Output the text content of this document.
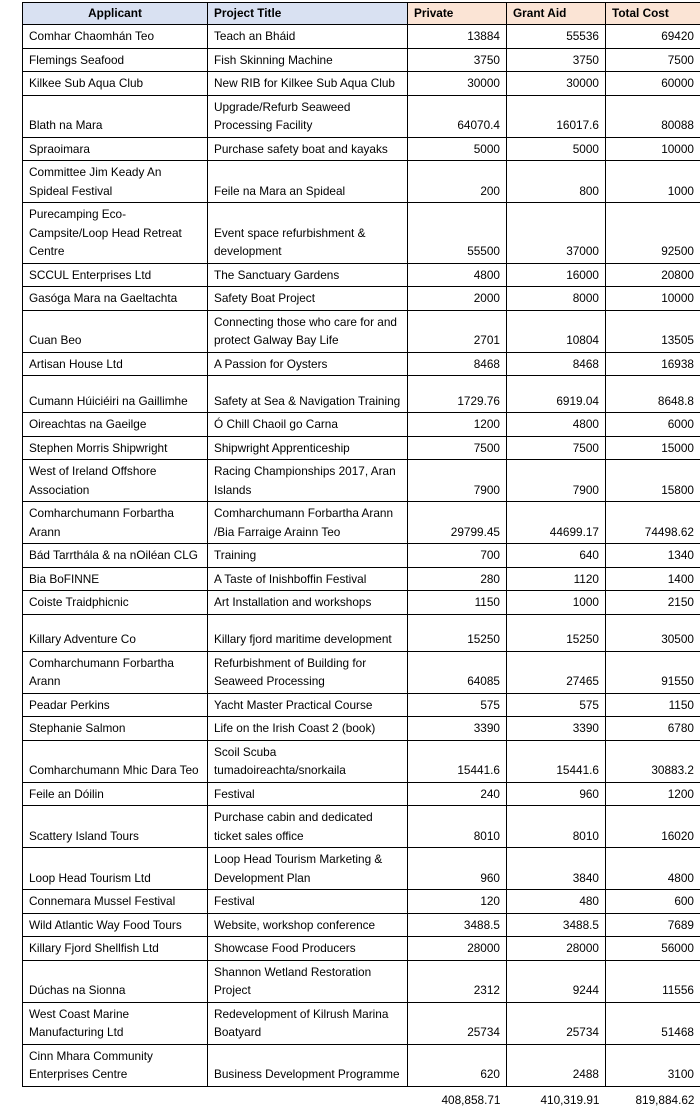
Applicant	Project Title	Private	Grant Aid	Total Cost
Comhar Chaomhán Teo	Teach an Bháid	13884	55536	69420
Flemings Seafood	Fish Skinning Machine	3750	3750	7500
Kilkee Sub Aqua Club	New RIB for Kilkee Sub Aqua Club	30000	30000	60000
Blath na Mara	Upgrade/Refurb Seaweed Processing Facility	64070.4	16017.6	80088
Spraoimara	Purchase safety boat and kayaks	5000	5000	10000
Committee Jim Keady An Spideal Festival	Feile na Mara an Spideal	200	800	1000
Purecamping Eco-Campsite/Loop Head Retreat Centre	Event space refurbishment & development	55500	37000	92500
SCCUL Enterprises Ltd	The Sanctuary Gardens	4800	16000	20800
Gasóga Mara na Gaeltachta	Safety Boat Project	2000	8000	10000
Cuan Beo	Connecting those who care for and protect Galway Bay Life	2701	10804	13505
Artisan House Ltd	A Passion for Oysters	8468	8468	16938
Cumann Húiciéiri na Gaillimhe	Safety at Sea & Navigation Training	1729.76	6919.04	8648.8
Oireachtas na Gaeilge	Ó Chill Chaoil go Carna	1200	4800	6000
Stephen Morris Shipwright	Shipwright Apprenticeship	7500	7500	15000
West of Ireland Offshore Association	Racing Championships 2017, Aran Islands	7900	7900	15800
Comharchumann Forbartha Arann	Comharchumann Forbartha Arann /Bia Farraige Arainn Teo	29799.45	44699.17	74498.62
Bád Tarrthála & na nOiléan CLG	Training	700	640	1340
Bia BoFINNE	A Taste of Inishboffin Festival	280	1120	1400
Coiste Traidphicnic	Art Installation and workshops	1150	1000	2150
Killary Adventure Co	Killary fjord maritime development	15250	15250	30500
Comharchumann Forbartha Arann	Refurbishment of Building for Seaweed Processing	64085	27465	91550
Peadar Perkins	Yacht Master Practical Course	575	575	1150
Stephanie Salmon	Life on the Irish Coast 2 (book)	3390	3390	6780
Comharchumann Mhic Dara Teo	Scoil Scuba tumadoireachta/snorkaila	15441.6	15441.6	30883.2
Feile an Dóilin	Festival	240	960	1200
Scattery Island Tours	Purchase cabin and dedicated ticket sales office	8010	8010	16020
Loop Head Tourism Ltd	Loop Head Tourism Marketing & Development Plan	960	3840	4800
Connemara Mussel Festival	Festival	120	480	600
Wild Atlantic Way Food Tours	Website, workshop conference	3488.5	3488.5	7689
Killary Fjord Shellfish Ltd	Showcase Food Producers	28000	28000	56000
Dúchas na Sionna	Shannon Wetland Restoration Project	2312	9244	11556
West Coast Marine Manufacturing Ltd	Redevelopment of Kilrush Marina Boatyard	25734	25734	51468
Cinn Mhara Community Enterprises Centre	Business Development Programme	620	2488	3100
		408,858.71	410,319.91	819,884.62
